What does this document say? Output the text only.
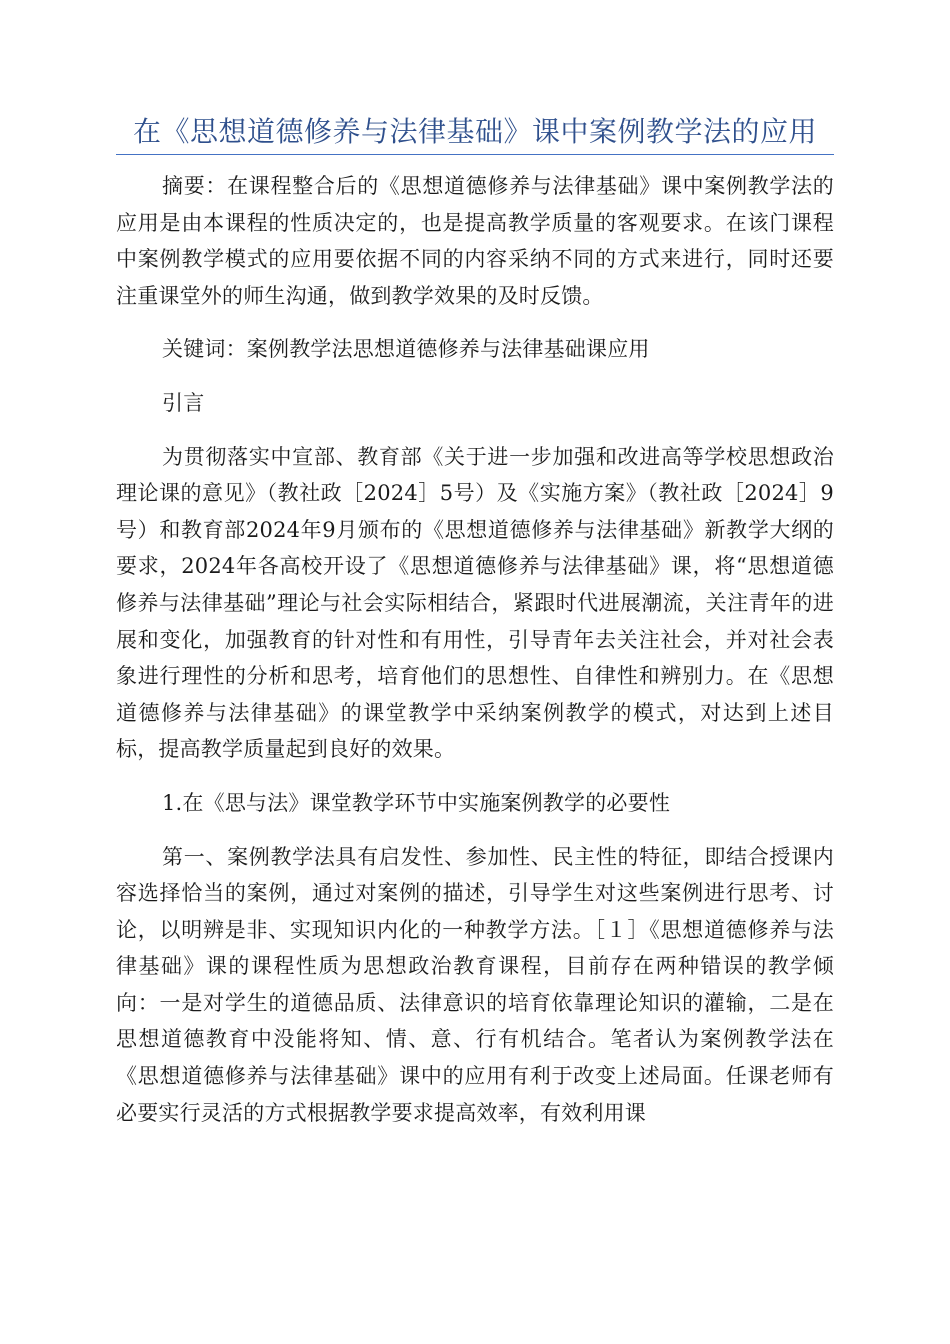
在《思想道德修养与法律基础》课中案例教学法的应用

摘要：在课程整合后的《思想道德修养与法律基础》课中案例教学法的应用是由本课程的性质决定的，也是提高教学质量的客观要求。在该门课程中案例教学模式的应用要依据不同的内容采纳不同的方式来进行，同时还要注重课堂外的师生沟通，做到教学效果的及时反馈。

关键词：案例教学法思想道德修养与法律基础课应用

引言

为贯彻落实中宣部、教育部《关于进一步加强和改进高等学校思想政治理论课的意见》（教社政［2024］5号）及《实施方案》（教社政［2024］9号）和教育部2024年9月颁布的《思想道德修养与法律基础》新教学大纲的要求，2024年各高校开设了《思想道德修养与法律基础》课，将“思想道德修养与法律基础”理论与社会实际相结合，紧跟时代进展潮流，关注青年的进展和变化，加强教育的针对性和有用性，引导青年去关注社会，并对社会表象进行理性的分析和思考，培育他们的思想性、自律性和辨别力。在《思想道德修养与法律基础》的课堂教学中采纳案例教学的模式，对达到上述目标，提高教学质量起到良好的效果。

1.在《思与法》课堂教学环节中实施案例教学的必要性

第一、案例教学法具有启发性、参加性、民主性的特征，即结合授课内容选择恰当的案例，通过对案例的描述，引导学生对这些案例进行思考、讨论，以明辨是非、实现知识内化的一种教学方法。［１］《思想道德修养与法律基础》课的课程性质为思想政治教育课程，目前存在两种错误的教学倾向：一是对学生的道德品质、法律意识的培育依靠理论知识的灌输，二是在思想道德教育中没能将知、情、意、行有机结合。笔者认为案例教学法在《思想道德修养与法律基础》课中的应用有利于改变上述局面。任课老师有必要实行灵活的方式根据教学要求提高效率，有效利用课
